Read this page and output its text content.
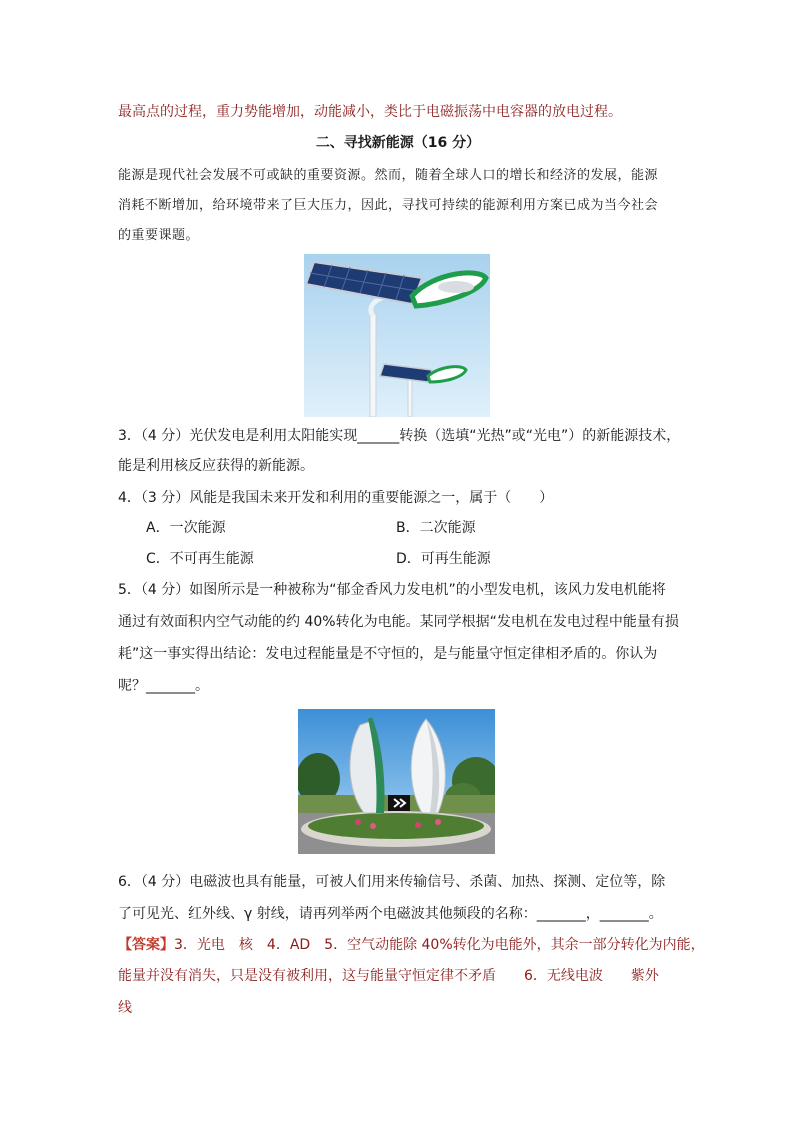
最高点的过程，重力势能增加，动能减小，类比于电磁振荡中电容器的放电过程。
二、寻找新能源（16 分）
能源是现代社会发展不可或缺的重要资源。然而，随着全球人口的增长和经济的发展，能源
消耗不断增加，给环境带来了巨大压力，因此，寻找可持续的能源利用方案已成为当今社会
的重要课题。
3．（4 分）光伏发电是利用太阳能实现______转换（选填“光热”或“光电”）的新能源技术，
能是利用核反应获得的新能源。
4．（3 分）风能是我国未来开发和利用的重要能源之一，属于（　　）
A．一次能源	B．二次能源
C．不可再生能源	D．可再生能源
5．（4 分）如图所示是一种被称为“郁金香风力发电机”的小型发电机，该风力发电机能将
通过有效面积内空气动能的约 40%转化为电能。某同学根据“发电机在发电过程中能量有损
耗”这一事实得出结论：发电过程能量是不守恒的，是与能量守恒定律相矛盾的。你认为
呢？_______。
6．（4 分）电磁波也具有能量，可被人们用来传输信号、杀菌、加热、探测、定位等，除
了可见光、红外线、γ 射线，请再列举两个电磁波其他频段的名称：_______，_______。
【答案】3．光电　核　4．AD　5．空气动能除 40%转化为电能外，其余一部分转化为内能，
能量并没有消失，只是没有被利用，这与能量守恒定律不矛盾　　6．无线电波　　紫外
线
